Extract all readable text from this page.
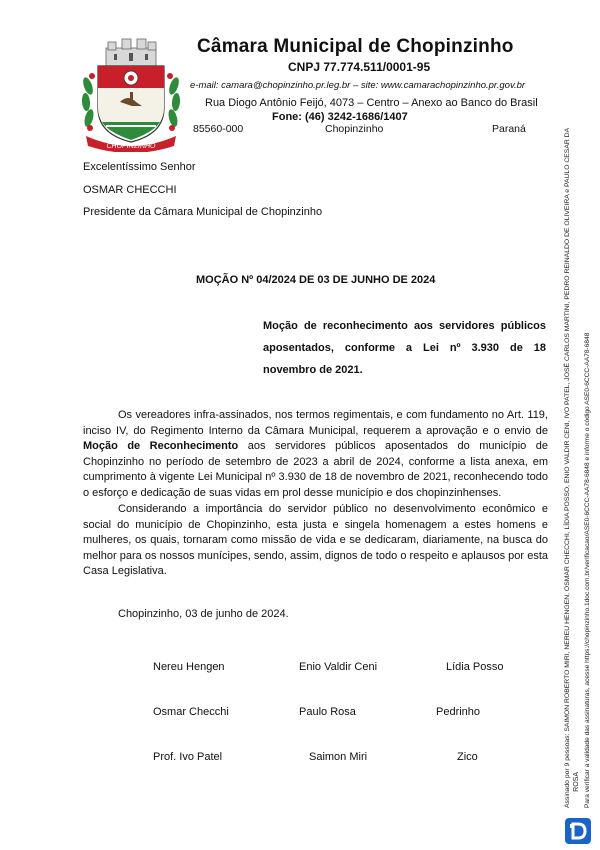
CHOPINZINHO
Câmara Municipal de Chopinzinho
CNPJ 77.774.511/0001-95
e-mail: camara@chopinzinho.pr.leg.br – site: www.camarachopinzinho.pr.gov.br
Rua Diogo Antônio Feijó, 4073 – Centro – Anexo ao Banco do Brasil
Fone: (46) 3242-1686/1407
85560-000	Chopinzinho	Paraná
Excelentíssimo Senhor
OSMAR CHECCHI
Presidente da Câmara Municipal de Chopinzinho
MOÇÃO Nº 04/2024 DE 03 DE JUNHO DE 2024
Moção de reconhecimento aos servidores públicos aposentados, conforme a Lei nº 3.930 de 18 novembro de 2021.
Os vereadores infra-assinados, nos termos regimentais, e com fundamento no Art. 119, inciso IV, do Regimento Interno da Câmara Municipal, requerem a aprovação e o envio de Moção de Reconhecimento aos servidores públicos aposentados do município de Chopinzinho no período de setembro de 2023 a abril de 2024, conforme a lista anexa, em cumprimento à vigente Lei Municipal nº 3.930 de 18 de novembro de 2021, reconhecendo todo o esforço e dedicação de suas vidas em prol desse município e dos chopinzinhenses.
Considerando a importância do servidor público no desenvolvimento econômico e social do município de Chopinzinho, esta justa e singela homenagem a estes homens e mulheres, os quais, tornaram como missão de vida e se dedicaram, diariamente, na busca do melhor para os nossos munícipes, sendo, assim, dignos de todo o respeito e aplausos por esta Casa Legislativa.
Chopinzinho, 03 de junho de 2024.
Nereu Hengen	Enio Valdir Ceni	Lídia Posso
Osmar Checchi	Paulo Rosa	Pedrinho
Prof. Ivo Patel	Saimon Miri	Zico	Assinado por 9 pessoas: SAIMON ROBERTO MIRI, NEREU HENGEN, OSMAR CHECCHI, LÍDIA POSSO, ENIO VALDIR CENI, IVO PATEL, JOSÉ CARLOS MARTINI, PEDRO REINALDO DE OLIVEIRA e PAULO CESAR DA ROSA Para verificar a validade das assinaturas, acesse https://chopinzinho.1doc.com.br/verificacao/ASE0-6CCC-AA78-6848 e informe o código ASE0-6CCC-AA78-6848
